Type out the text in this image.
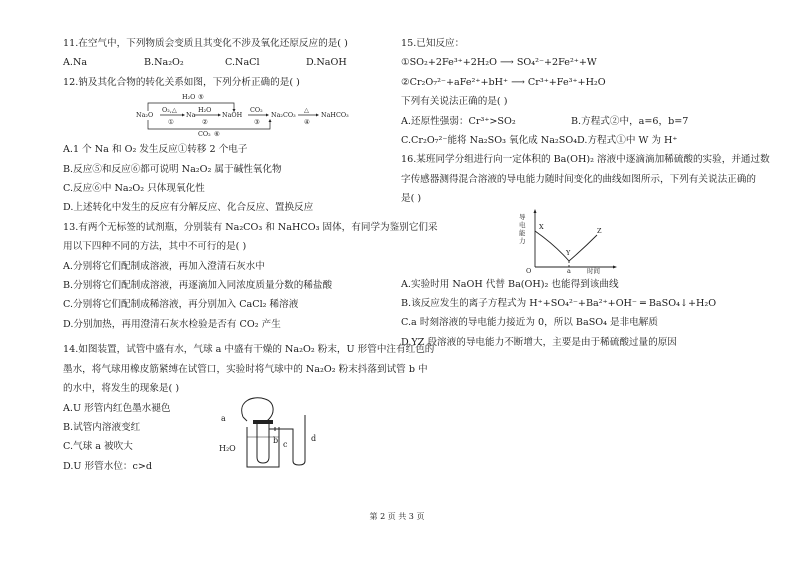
11.在空气中，下列物质会变质且其变化不涉及氧化还原反应的是( )
A.Na	B.Na₂O₂	C.NaCl	D.NaOH
12.钠及其化合物的转化关系如图，下列分析正确的是( )
Na₂O	Na	NaOH	Na₂CO₃	NaHCO₃
H₂O ⑤
O₂,△	H₂O	CO₂	△
①	②	③	④
CO₂ ⑥
A.1 个 Na 和 O₂ 发生反应①转移 2 个电子
B.反应⑤和反应⑥都可说明 Na₂O₂ 属于碱性氧化物
C.反应⑥中 Na₂O₂ 只体现氧化性
D.上述转化中发生的反应有分解反应、化合反应、置换反应
13.有两个无标签的试剂瓶，分别装有 Na₂CO₃ 和 NaHCO₃ 固体，有同学为鉴别它们采
用以下四种不同的方法，其中不可行的是( )
A.分别将它们配制成溶液，再加入澄清石灰水中
B.分别将它们配制成溶液，再逐滴加入同浓度质量分数的稀盐酸
C.分别将它们配制成稀溶液，再分别加入 CaCl₂ 稀溶液
D.分别加热，再用澄清石灰水检验是否有 CO₂ 产生
14.如图装置，试管中盛有水，气球 a 中盛有干燥的 Na₂O₂ 粉末，U 形管中注有红色的
墨水，将气球用橡皮筋紧缚在试管口，实验时将气球中的 Na₂O₂ 粉末抖落到试管 b 中
的水中，将发生的现象是( )
A.U 形管内红色墨水褪色
B.试管内溶液变红
C.气球 a 被吹大
D.U 形管水位：c>d
a
b c
d
H₂O
15.已知反应：
①SO₂+2Fe³⁺+2H₂O ⟶ SO₄²⁻+2Fe²⁺+W
②Cr₂O₇²⁻+aFe²⁺+bH⁺ ⟶ Cr³⁺+Fe³⁺+H₂O
下列有关说法正确的是( )
A.还原性强弱：Cr³⁺>SO₂	B.方程式②中，a=6，b=7
C.Cr₂O₇²⁻能将 Na₂SO₃ 氧化成 Na₂SO₄ D.方程式①中 W 为 H⁺
16.某班同学分组进行向一定体积的 Ba(OH)₂ 溶液中逐滴滴加稀硫酸的实验，并通过数
字传感器测得混合溶液的导电能力随时间变化的曲线如图所示，下列有关说法正确的
是( )
导电能力
O	a 时间
X
Y
Z
A.实验时用 NaOH 代替 Ba(OH)₂ 也能得到该曲线
B.该反应发生的离子方程式为 H⁺+SO₄²⁻+Ba²⁺+OH⁻ ═ BaSO₄↓+H₂O
C.a 时刻溶液的导电能力接近为 0，所以 BaSO₄ 是非电解质
D.YZ 段溶液的导电能力不断增大，主要是由于稀硫酸过量的原因
第 2 页 共 3 页
